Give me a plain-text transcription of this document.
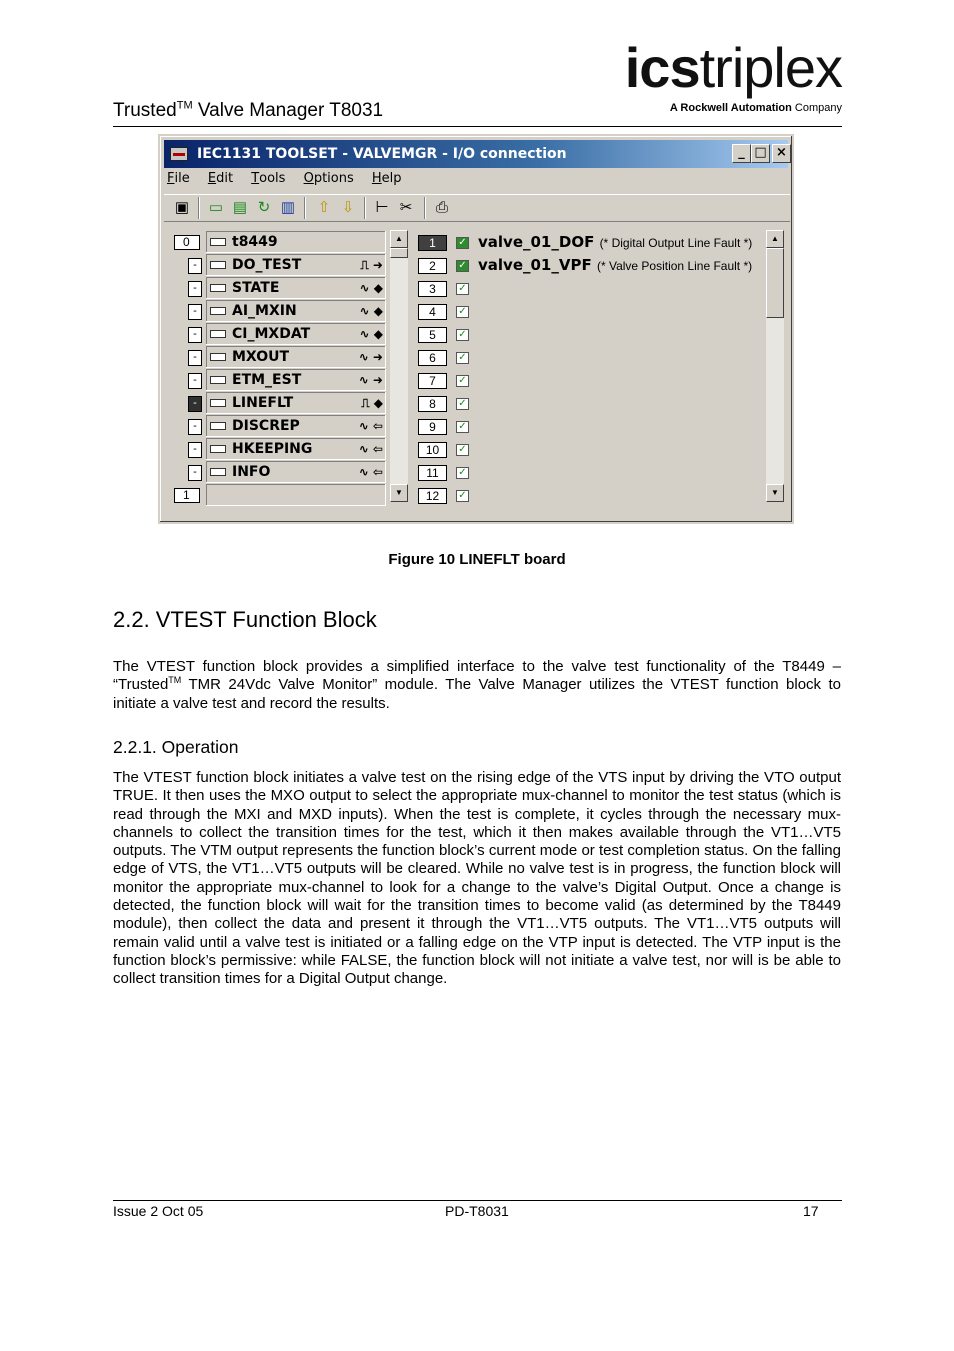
Trusted™ Valve Manager T8031
icstriplex
A Rockwell Automation Company
IEC1131 TOOLSET - VALVEMGR - I/O connection	_ □ ×
File Edit Tools Options Help
▣ ▭ ▤ ↻ ▥ ⇧ ⇩ ⊢ ✂ ⎙
0	t8449
-	DO_TEST	⎍ ➜
-	STATE	∿ ◆
-	AI_MXIN	∿ ◆
-	CI_MXDAT	∿ ◆
-	MXOUT	∿ ➜
-	ETM_EST	∿ ➜
-	LINEFLT	⎍ ◆
-	DISCREP	∿ ⇦
-	HKEEPING	∿ ⇦
-	INFO	∿ ⇦
1
▲
▼
1	✓ valve_01_DOF (* Digital Output Line Fault *)
2	✓ valve_01_VPF (* Valve Position Line Fault *)
3	✓
4	✓
5	✓
6	✓
7	✓
8	✓
9	✓
10	✓
11	✓
12	✓
▲
▼
Figure 10 LINEFLT board
2.2. VTEST Function Block
The VTEST function block provides a simplified interface to the valve test functionality of the T8449 – “Trusted™ TMR 24Vdc Valve Monitor” module. The Valve Manager utilizes the VTEST function block to initiate a valve test and record the results.
2.2.1. Operation
The VTEST function block initiates a valve test on the rising edge of the VTS input by driving the VTO output TRUE. It then uses the MXO output to select the appropriate mux-channel to monitor the test status (which is read through the MXI and MXD inputs). When the test is complete, it cycles through the necessary mux-channels to collect the transition times for the test, which it then makes available through the VT1…VT5 outputs. The VTM output represents the function block’s current mode or test completion status. On the falling edge of VTS, the VT1…VT5 outputs will be cleared. While no valve test is in progress, the function block will monitor the appropriate mux-channel to look for a change to the valve’s Digital Output. Once a change is detected, the function block will wait for the transition times to become valid (as determined by the T8449 module), then collect the data and present it through the VT1…VT5 outputs. The VT1…VT5 outputs will remain valid until a valve test is initiated or a falling edge on the VTP input is detected. The VTP input is the function block’s permissive: while FALSE, the function block will not initiate a valve test, nor will is be able to collect transition times for a Digital Output change.
Issue 2 Oct 05	PD-T8031	17
